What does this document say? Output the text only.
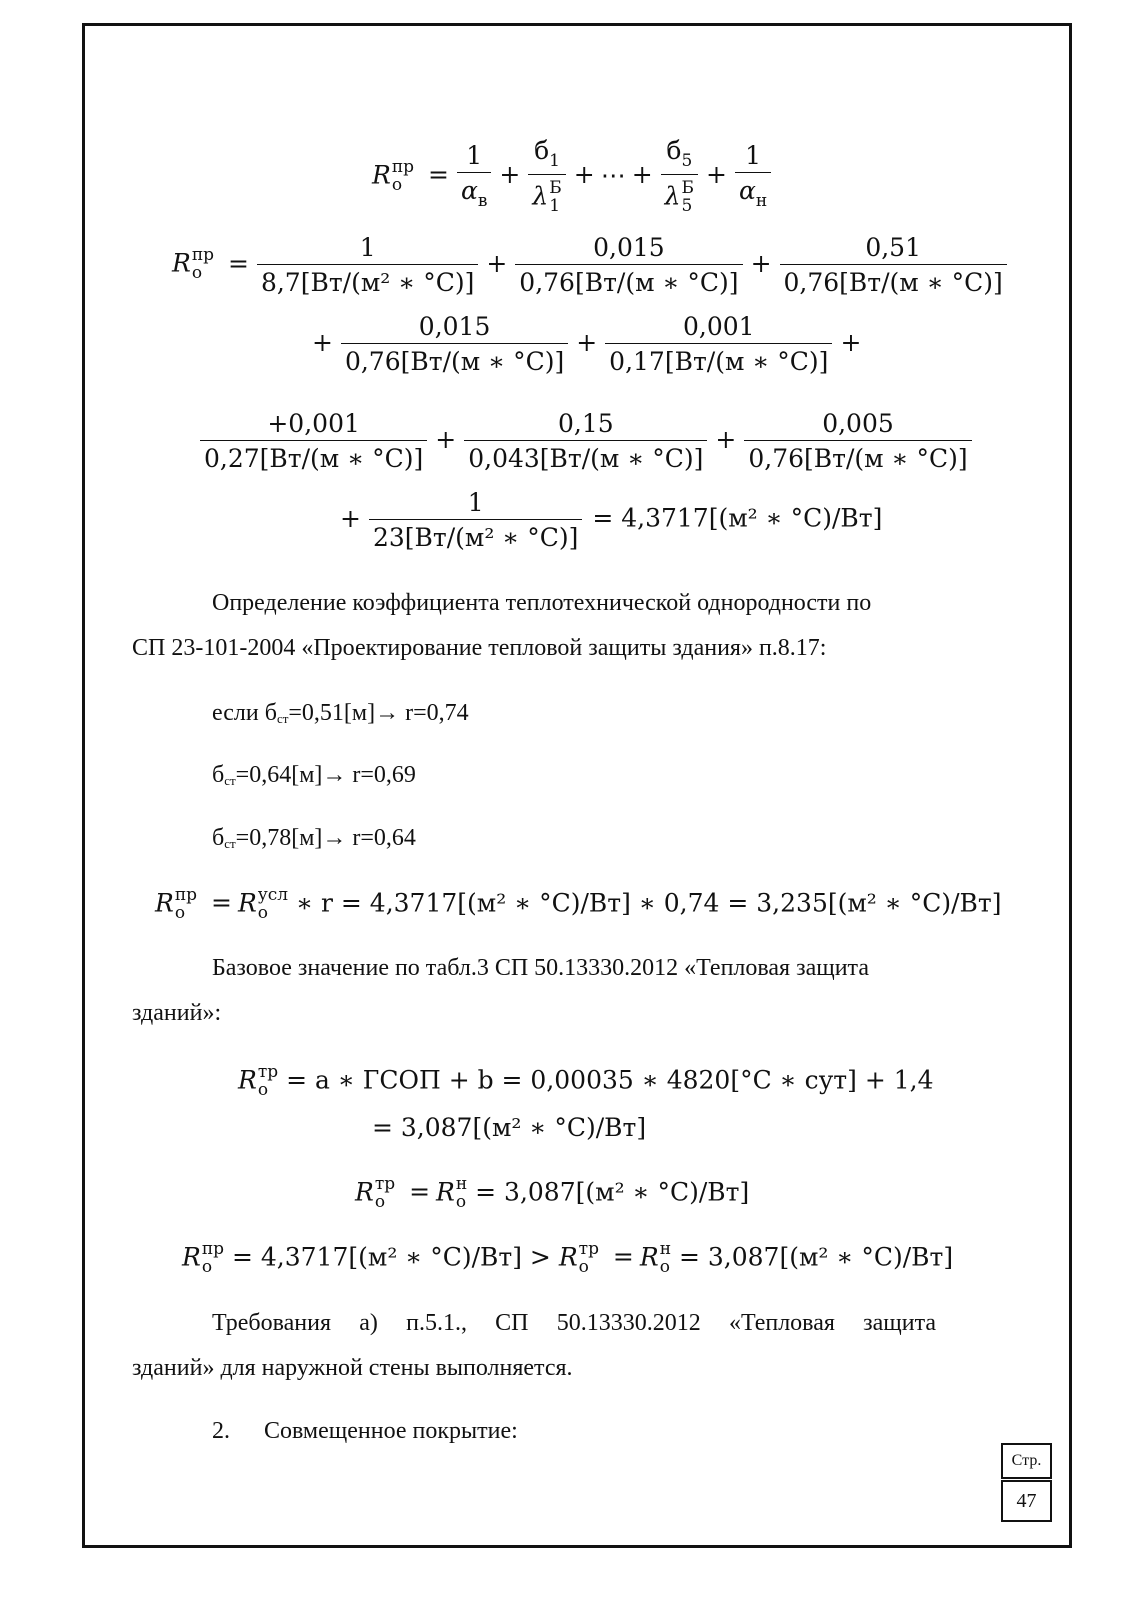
R пр
о	= $\frac{1}{\alpha_в} + б_1$
λ Б
1 + ⋯ + $б_5$
λ Б
$5 + \frac{1}{\alpha_н}$
R пр
о	= $\frac{1}{\text{8,7[Вт/(м² ∗ °С)]}} + \frac{0,015}{0,76[Вт/(м ∗ ^\circ С)]} + \frac{0,51}{0,76[Вт/(м ∗ ^\circ С)]}$
+ $\frac{0,015}{0,76[Вт/(м ∗ ^\circ С)]} + \frac{0,001}{0,17[Вт/(м ∗ ^\circ С)]}$ +
$\frac{+0,001}{0,27[Вт/(м ∗ ^\circ С)]} + \frac{0,15}{0,043[Вт/(м ∗ ^\circ С)]} + \frac{0,005}{0,76[Вт/(м ∗ ^\circ С)]}$
+ $\frac{1}{\text{23[Вт/(м² ∗ °С)]}} = 4,3717[(м^2$ ∗ °С)/Вт]
Определение коэффициента теплотехнической однородности по
СП 23-101-2004 «Проектирование тепловой защиты здания» п.8.17:
если бст=0,51[м]→ r=0,74
бст=0,64[м]→ r=0,69
бст=0,78[м]→ r=0,64
R пр
о	= R усл
о	∗ r = 4,3717[(м² ∗ °С)/Вт] ∗ 0,74 = 3,235[(м² ∗ °С)/Вт]
Базовое значение по табл.3 СП 50.13330.2012 «Тепловая защита
зданий»:
R тр
о = a ∗ ГСОП + b = 0,00035 ∗ 4820[°С ∗ сут] + 1,4
= 3,087[(м² ∗ °С)/Вт]
R тр
о = R н
о = 3,087[(м² ∗ °С)/Вт]
R пр
о = 4,3717[(м² ∗ °С)/Вт] > R тр
о = R н
о = 3,087[(м² ∗ °С)/Вт]
Требования а) п.5.1., СП 50.13330.2012 «Тепловая защита
зданий» для наружной стены выполняется.
2. Совмещенное покрытие:
Стр.
47
